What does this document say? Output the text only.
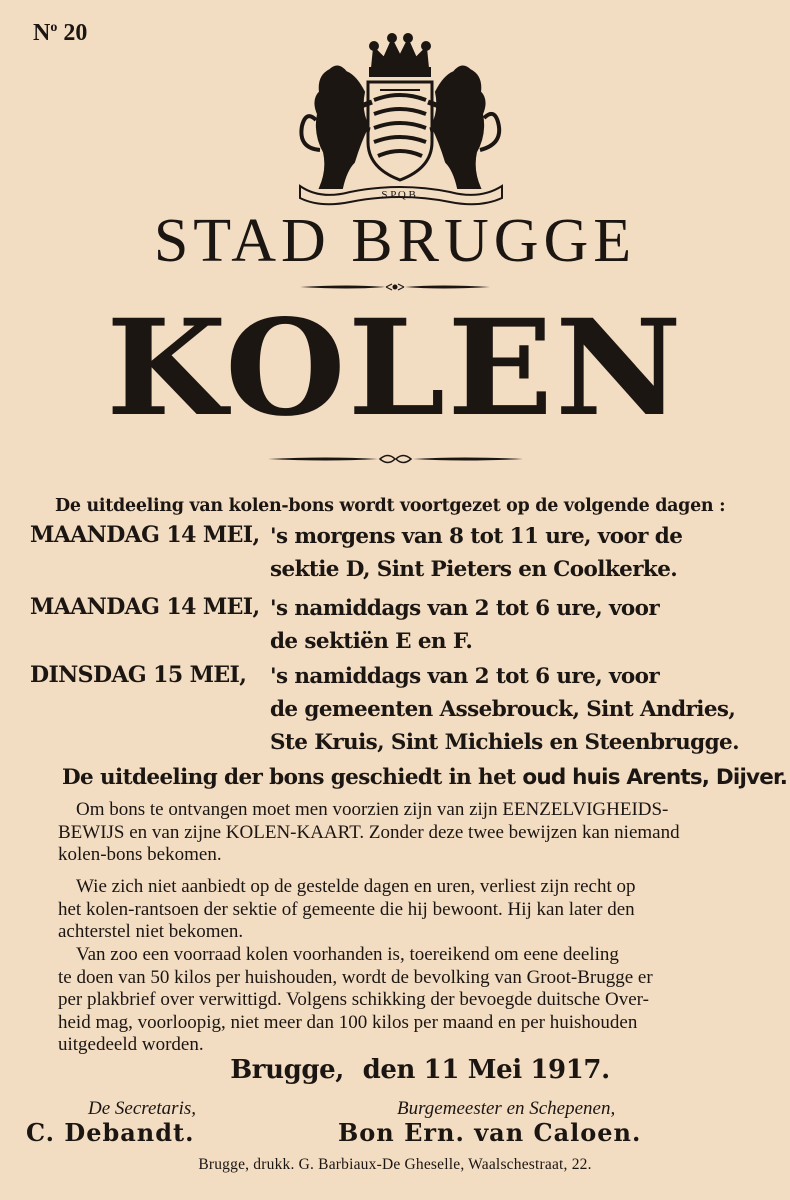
$N^o$ 20
S.P.Q.B.
STAD BRUGGE
KOLEN
De uitdeeling van kolen-bons wordt voortgezet op de volgende dagen :
MAANDAG 14 MEI, 's morgens van 8 tot 11 ure, voor de
sektie D, Sint Pieters en Coolkerke.
MAANDAG 14 MEI, 's namiddags van 2 tot 6 ure, voor
de sektiën E en F.
DINSDAG 15 MEI, 's namiddags van 2 tot 6 ure, voor
de gemeenten Assebrouck, Sint Andries,
Ste Kruis, Sint Michiels en Steenbrugge.
De uitdeeling der bons geschiedt in het oud huis Arents, Dijver.
Om bons te ontvangen moet men voorzien zijn van zijn EENZELVIGHEIDS-
BEWIJS en van zijne KOLEN-KAART. Zonder deze twee bewijzen kan niemand
kolen-bons bekomen.
Wie zich niet aanbiedt op de gestelde dagen en uren, verliest zijn recht op
het kolen-rantsoen der sektie of gemeente die hij bewoont. Hij kan later den
achterstel niet bekomen.
Van zoo een voorraad kolen voorhanden is, toereikend om eene deeling
te doen van 50 kilos per huishouden, wordt de bevolking van Groot-Brugge er
per plakbrief over verwittigd. Volgens schikking der bevoegde duitsche Over-
heid mag, voorloopig, niet meer dan 100 kilos per maand en per huishouden
uitgedeeld worden.
Brugge, den 11 Mei 1917.
De Secretaris,
C. Debandt.
Burgemeester en Schepenen,
Bon Ern. van Caloen.
Brugge, drukk. G. Barbiaux-De Gheselle, Waalschestraat, 22.
